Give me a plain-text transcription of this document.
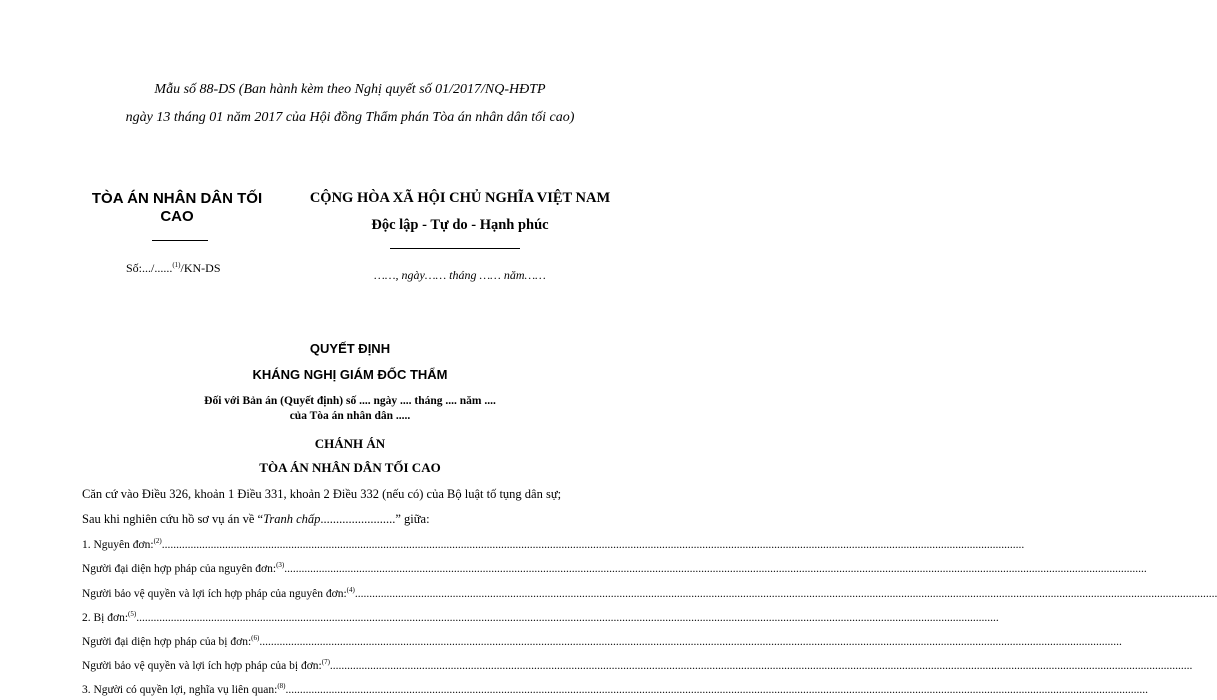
Mẫu số 88-DS (Ban hành kèm theo Nghị quyết số 01/2017/NQ-HĐTP
ngày 13 tháng 01 năm 2017 của Hội đồng Thẩm phán Tòa án nhân dân tối cao)
TÒA ÁN NHÂN DÂN TỐI
CAO
Số:.../......$^{(1)}$/KN-DS
CỘNG HÒA XÃ HỘI CHỦ NGHĨA VIỆT NAM
Độc lập - Tự do - Hạnh phúc
……, ngày…… tháng …… năm……
QUYẾT ĐỊNH
KHÁNG NGHỊ GIÁM ĐỐC THẨM
Đối với Bản án (Quyết định) số .... ngày .... tháng .... năm ....
của Tòa án nhân dân .....
CHÁNH ÁN
TÒA ÁN NHÂN DÂN TỐI CAO
Căn cứ vào Điều 326, khoản 1 Điều 331, khoản 2 Điều 332 (nếu có) của Bộ luật tố tụng dân sự;
Sau khi nghiên cứu hồ sơ vụ án về “Tranh chấp........................” giữa:
1. Nguyên đơn:$^{(2)}$............................................................................................................................................................................................................................................................................................................
Người đại diện hợp pháp của nguyên đơn:$^{(3)}$............................................................................................................................................................................................................................................................................................................
Người bảo vệ quyền và lợi ích hợp pháp của nguyên đơn:$^{(4)}$............................................................................................................................................................................................................................................................................................................
2. Bị đơn:$^{(5)}$............................................................................................................................................................................................................................................................................................................
Người đại diện hợp pháp của bị đơn:$^{(6)}$............................................................................................................................................................................................................................................................................................................
Người bảo vệ quyền và lợi ích hợp pháp của bị đơn:$^{(7)}$............................................................................................................................................................................................................................................................................................................
3. Người có quyền lợi, nghĩa vụ liên quan:$^{(8)}$............................................................................................................................................................................................................................................................................................................
